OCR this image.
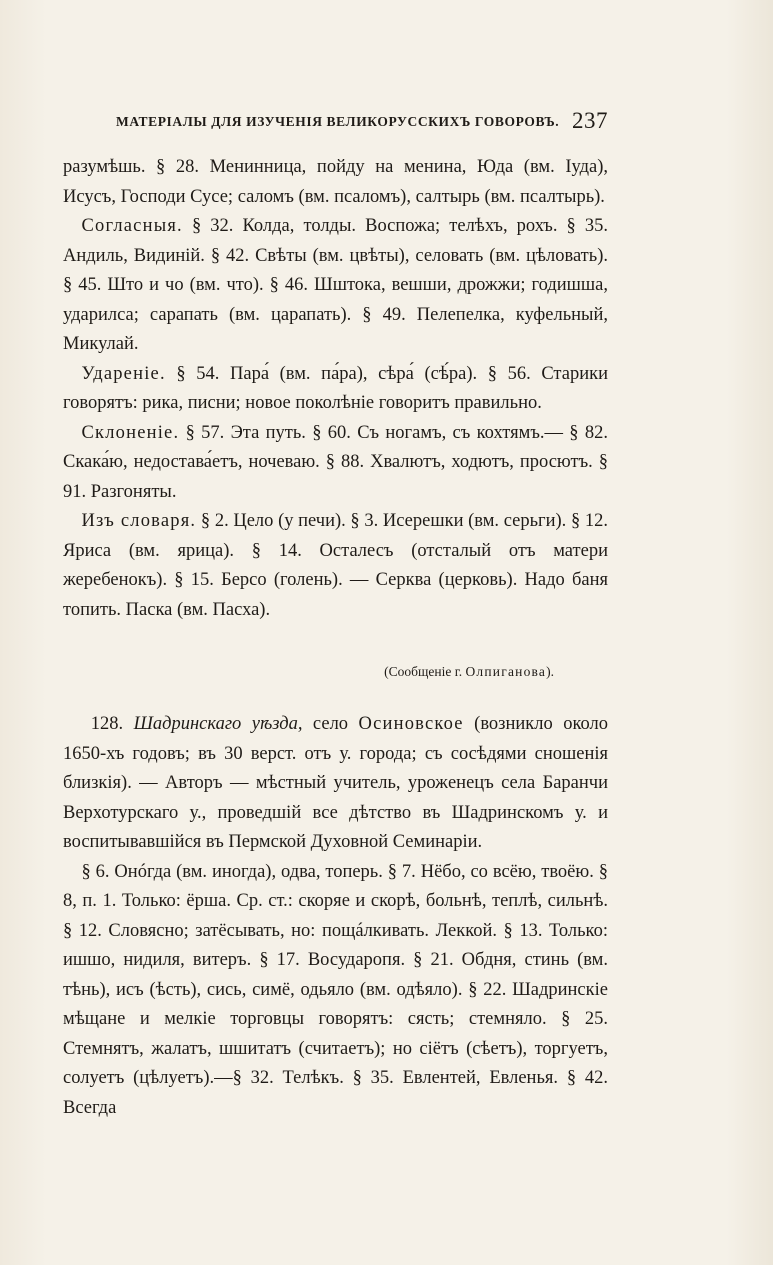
МАТЕРІАЛЫ ДЛЯ ИЗУЧЕНІЯ ВЕЛИКОРУССКИХЪ ГОВОРОВЪ. 237

разумѣшь. § 28. Менинница, пойду на менина, Юда (вм. Іуда), Исусъ, Господи Сусе; саломъ (вм. псаломъ), салтырь (вм. псалтырь).

 Согласныя. § 32. Колда, толды. Воспожа; телѣхъ, рохъ. § 35. Андиль, Видиній. § 42. Свѣты (вм. цвѣты), селовать (вм. цѣловать). § 45. Што и чо (вм. что). § 46. Шштока, вешши, дрожжи; годишша, ударилса; сарапать (вм. царапать). § 49. Пелепелка, куфельный, Микулай.

 Удареніе. § 54. Пара́ (вм. па́ра), сѣра́ (сѣ́ра). § 56. Старики говорятъ: рика, писни; новое поколѣніе говоритъ правильно.

 Склоненіе. § 57. Эта путь. § 60. Съ ногамъ, съ кохтямъ.— § 82. Скака́ю, недостава́етъ, ночеваю. § 88. Хвалютъ, ходютъ, просютъ. § 91. Разгоняты.

 Изъ словаря. § 2. Цело (у печи). § 3. Исерешки (вм. серьги). § 12. Яриса (вм. ярица). § 14. Осталесъ (отсталый отъ матери жеребенокъ). § 15. Берсо (голень). — Серква (церковь). Надо баня топить. Паска (вм. Пасха).

(Сообщеніе г. Олпиганова).

  128. Шадринскаго уѣзда, село Осиновское (возникло около 1650-хъ годовъ; въ 30 верст. отъ у. города; съ сосѣдями сношенія близкія). — Авторъ — мѣстный учитель, урожeнецъ села Баранчи Верхотурскаго у., проведшій все дѣтство въ Шадринскомъ у. и воспитывавшійся въ Пермской Духовной Семинаріи.

 § 6. Онóгда (вм. иногда), одва, топерь. § 7. Нёбо, со всёю, твоёю. § 8, п. 1. Только: ёрша. Ср. ст.: скоряе и скорѣ, больнѣ, теплѣ, сильнѣ. § 12. Словясно; затёсывать, но: пощáлкивать. Леккой. § 13. Только: ишшо, нидиля, витеръ. § 17. Восударопя. § 21. Обдня, стинь (вм. тѣнь), исъ (ѣсть), сись, симё, одьяло (вм. одѣяло). § 22. Шадринскіе мѣщане и мелкіе торговцы говорятъ: сясть; стемняло. § 25. Стемнятъ, жалатъ, шшитатъ (считаетъ); но сіётъ (сѣетъ), торгуетъ, солуетъ (цѣлуетъ).—§ 32. Телѣкъ. § 35. Евлентей, Евленья. § 42. Всегда
